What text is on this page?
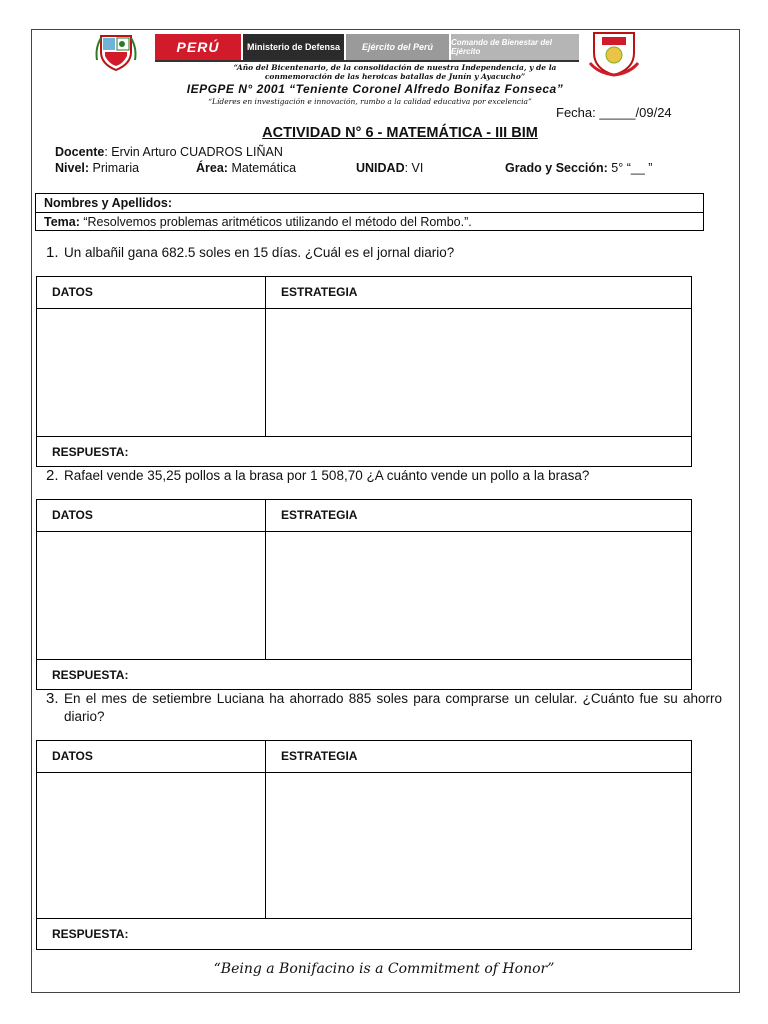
PERÚ	Ministerio de Defensa	Ejército del Perú	Comando de Bienestar del Ejército
“Año del Bicentenario, de la consolidación de nuestra Independencia, y de la
conmemoración de las heroicas batallas de Junín y Ayacucho”
IEPGPE N° 2001 “Teniente Coronel Alfredo Bonifaz Fonseca”
“Líderes en investigación e innovación, rumbo a la calidad educativa por excelencia”
Fecha: _____/09/24
ACTIVIDAD N° 6 - MATEMÁTICA - III BIM
Docente: Ervin Arturo CUADROS LIÑAN
Nivel: Primaria	Área: Matemática	UNIDAD: VI	Grado y Sección: 5° “__ ”
Nombres y Apellidos:
Tema: “Resolvemos problemas aritméticos utilizando el método del Rombo.”.
1. Un albañil gana 682.5 soles en 15 días. ¿Cuál es el jornal diario?
DATOS	ESTRATEGIA
RESPUESTA:
2. Rafael vende 35,25 pollos a la brasa por 1 508,70 ¿A cuánto vende un pollo a la brasa?
DATOS	ESTRATEGIA
RESPUESTA:
3. En el mes de setiembre Luciana ha ahorrado 885 soles para comprarse un celular. ¿Cuánto fue su ahorro diario?
DATOS	ESTRATEGIA
RESPUESTA:
“Being a Bonifacino is a Commitment of Honor”
